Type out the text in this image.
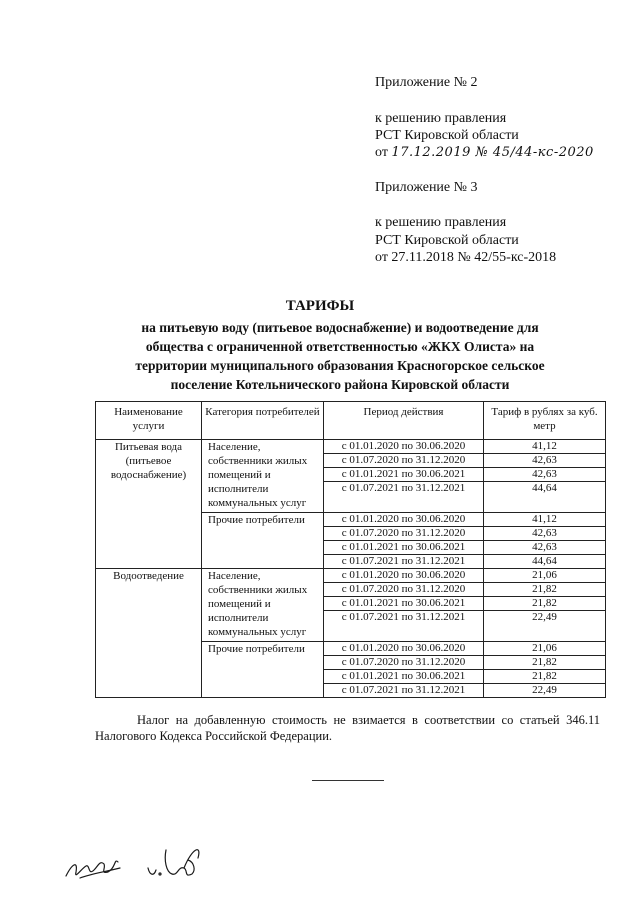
Приложение № 2
к решению правления
РСТ Кировской области
от 17.12.2019 № 45/44-кс-2020
Приложение № 3
к решению правления
РСТ Кировской области
от 27.11.2018 № 42/55-кс-2018
ТАРИФЫ
на питьевую воду (питьевое водоснабжение) и водоотведение для
общества с ограниченной ответственностью «ЖКХ Олиста» на
территории муниципального образования Красногорское сельское
поселение Котельнического района Кировской области
Наименование услуги	Категория потребителей	Период действия	Тариф в рублях за куб. метр
Питьевая вода (питьевое водоснабжение)	Население, собственники жилых помещений и исполнители коммунальных услуг	с 01.01.2020 по 30.06.2020	41,12
		с 01.07.2020 по 31.12.2020	42,63
		с 01.01.2021 по 30.06.2021	42,63
		с 01.07.2021 по 31.12.2021	44,64
	Прочие потребители	с 01.01.2020 по 30.06.2020	41,12
		с 01.07.2020 по 31.12.2020	42,63
		с 01.01.2021 по 30.06.2021	42,63
		с 01.07.2021 по 31.12.2021	44,64
Водоотведение	Население, собственники жилых помещений и исполнители коммунальных услуг	с 01.01.2020 по 30.06.2020	21,06
		с 01.07.2020 по 31.12.2020	21,82
		с 01.01.2021 по 30.06.2021	21,82
		с 01.07.2021 по 31.12.2021	22,49
	Прочие потребители	с 01.01.2020 по 30.06.2020	21,06
		с 01.07.2020 по 31.12.2020	21,82
		с 01.01.2021 по 30.06.2021	21,82
		с 01.07.2021 по 31.12.2021	22,49
Налог на добавленную стоимость не взимается в соответствии со статьей 346.11 Налогового Кодекса Российской Федерации.
